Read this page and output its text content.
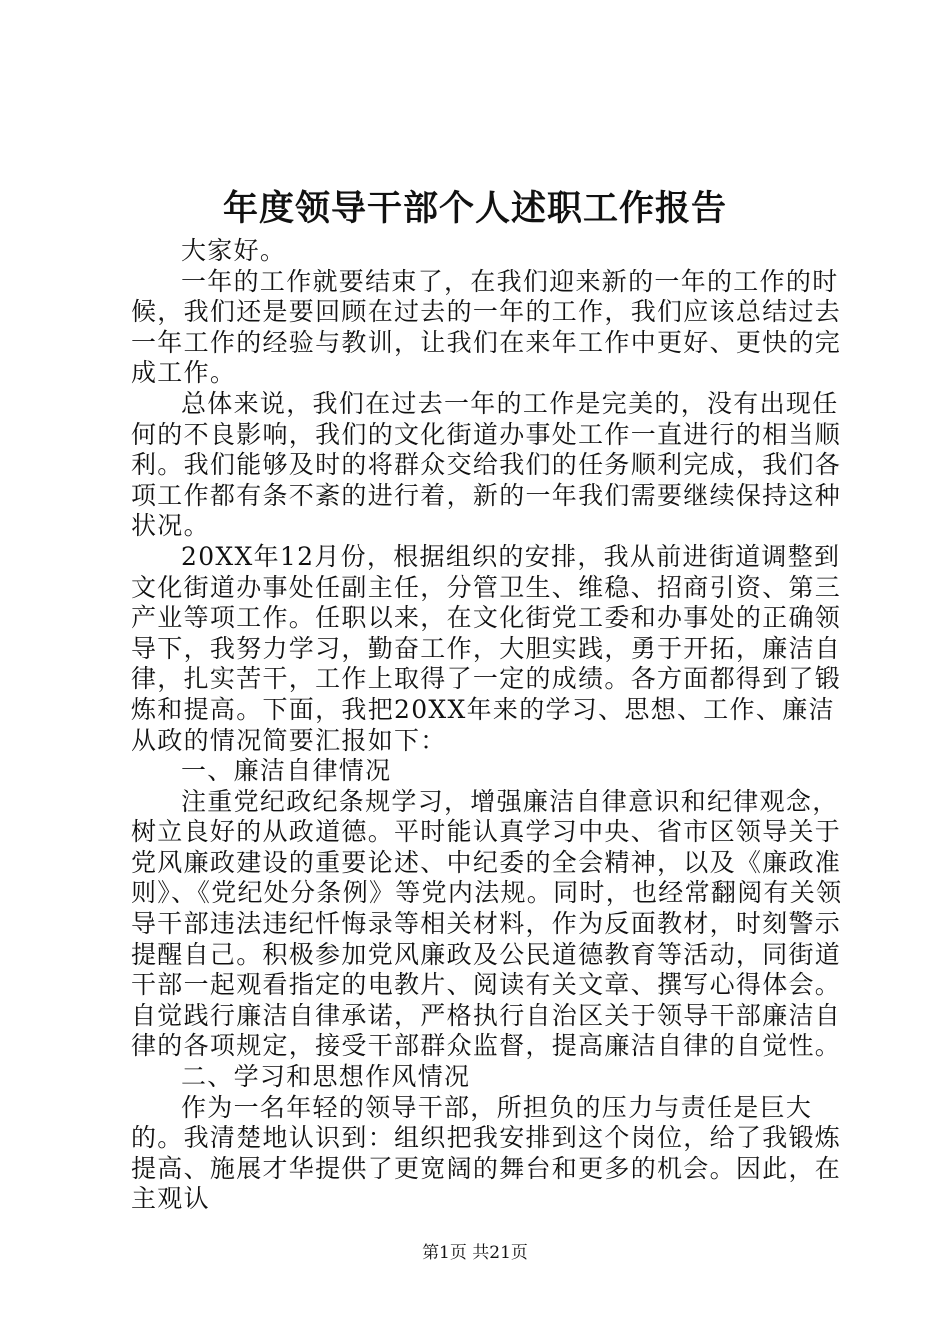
年度领导干部个人述职工作报告

大家好。

一年的工作就要结束了，在我们迎来新的一年的工作的时候，我们还是要回顾在过去的一年的工作，我们应该总结过去一年工作的经验与教训，让我们在来年工作中更好、更快的完成工作。

总体来说，我们在过去一年的工作是完美的，没有出现任何的不良影响，我们的文化街道办事处工作一直进行的相当顺利。我们能够及时的将群众交给我们的任务顺利完成，我们各项工作都有条不紊的进行着，新的一年我们需要继续保持这种状况。

20XX年12月份，根据组织的安排，我从前进街道调整到文化街道办事处任副主任，分管卫生、维稳、招商引资、第三产业等项工作。任职以来，在文化街党工委和办事处的正确领导下，我努力学习，勤奋工作，大胆实践，勇于开拓，廉洁自律，扎实苦干，工作上取得了一定的成绩。各方面都得到了锻炼和提高。下面，我把20XX年来的学习、思想、工作、廉洁从政的情况简要汇报如下：

一、廉洁自律情况

注重党纪政纪条规学习，增强廉洁自律意识和纪律观念，树立良好的从政道德。平时能认真学习中央、省市区领导关于党风廉政建设的重要论述、中纪委的全会精神，以及《廉政准则》、《党纪处分条例》等党内法规。同时，也经常翻阅有关领导干部违法违纪忏悔录等相关材料，作为反面教材，时刻警示提醒自己。积极参加党风廉政及公民道德教育等活动，同街道干部一起观看指定的电教片、阅读有关文章、撰写心得体会。自觉践行廉洁自律承诺，严格执行自治区关于领导干部廉洁自律的各项规定，接受干部群众监督，提高廉洁自律的自觉性。

二、学习和思想作风情况

作为一名年轻的领导干部，所担负的压力与责任是巨大的。我清楚地认识到：组织把我安排到这个岗位，给了我锻炼提高、施展才华提供了更宽阔的舞台和更多的机会。因此，在主观认

第1页 共21页
